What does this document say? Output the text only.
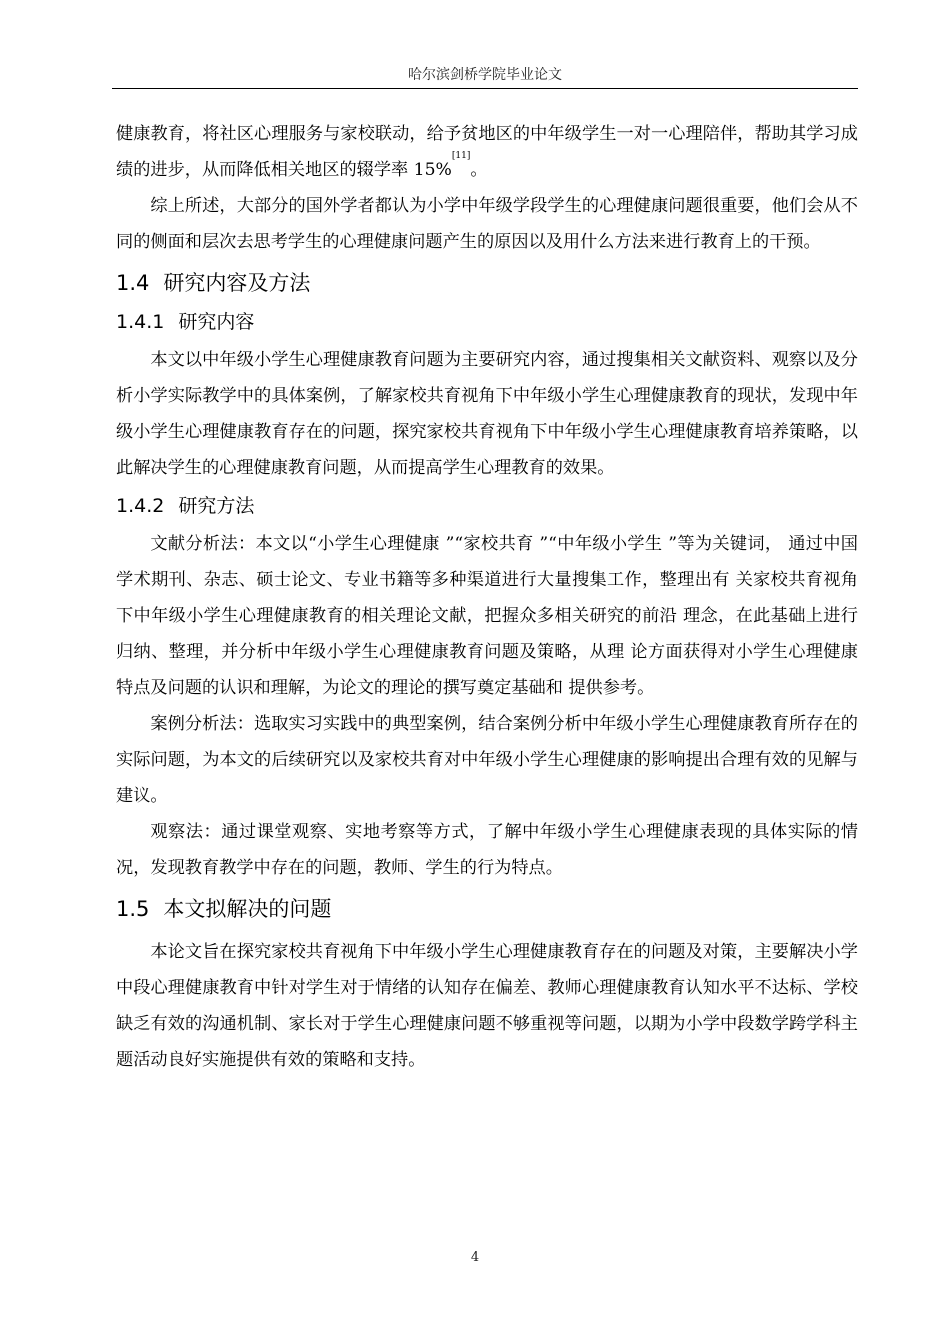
哈尔滨剑桥学院毕业论文

健康教育，将社区心理服务与家校联动，给予贫地区的中年级学生一对一心理陪伴，帮助其学习成绩的进步，从而降低相关地区的辍学率 15%[11]。

综上所述，大部分的国外学者都认为小学中年级学段学生的心理健康问题很重要，他们会从不同的侧面和层次去思考学生的心理健康问题产生的原因以及用什么方法来进行教育上的干预。

1.4 研究内容及方法
1.4.1 研究内容

本文以中年级小学生心理健康教育问题为主要研究内容，通过搜集相关文献资料、观察以及分析小学实际教学中的具体案例，了解家校共育视角下中年级小学生心理健康教育的现状，发现中年级小学生心理健康教育存在的问题，探究家校共育视角下中年级小学生心理健康教育培养策略，以此解决学生的心理健康教育问题，从而提高学生心理教育的效果。

1.4.2 研究方法

文献分析法：本文以“小学生心理健康 ”“家校共育 ”“中年级小学生 ”等为关键词， 通过中国学术期刊、杂志、硕士论文、专业书籍等多种渠道进行大量搜集工作，整理出有 关家校共育视角下中年级小学生心理健康教育的相关理论文献，把握众多相关研究的前沿 理念，在此基础上进行归纳、整理，并分析中年级小学生心理健康教育问题及策略，从理 论方面获得对小学生心理健康特点及问题的认识和理解，为论文的理论的撰写奠定基础和 提供参考。

案例分析法：选取实习实践中的典型案例，结合案例分析中年级小学生心理健康教育所存在的实际问题，为本文的后续研究以及家校共育对中年级小学生心理健康的影响提出合理有效的见解与建议。

观察法：通过课堂观察、实地考察等方式，了解中年级小学生心理健康表现的具体实际的情况，发现教育教学中存在的问题，教师、学生的行为特点。

1.5 本文拟解决的问题

本论文旨在探究家校共育视角下中年级小学生心理健康教育存在的问题及对策，主要解决小学中段心理健康教育中针对学生对于情绪的认知存在偏差、教师心理健康教育认知水平不达标、学校缺乏有效的沟通机制、家长对于学生心理健康问题不够重视等问题，以期为小学中段数学跨学科主题活动良好实施提供有效的策略和支持。

4
